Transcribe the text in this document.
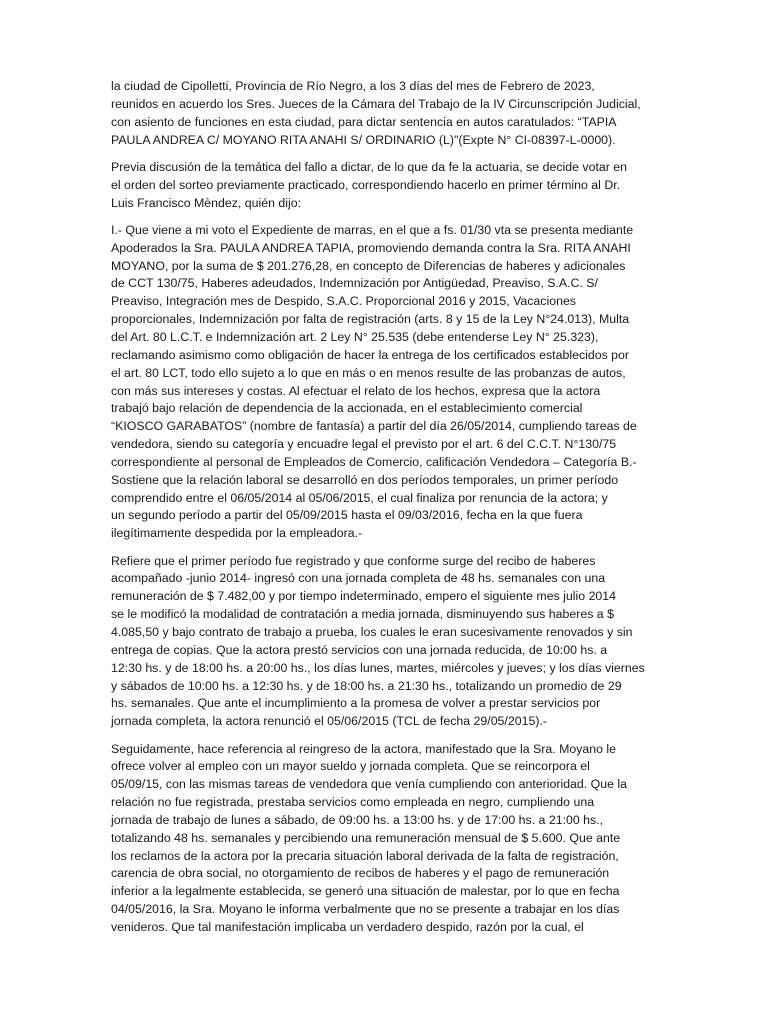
la ciudad de Cipolletti, Provincia de Río Negro, a los 3 días del mes de Febrero de 2023,
reunidos en acuerdo los Sres. Jueces de la Cámara del Trabajo de la IV Circunscripción Judicial,
con asiento de funciones en esta ciudad, para dictar sentencia en autos caratulados: “TAPIA
PAULA ANDREA C/ MOYANO RITA ANAHI S/ ORDINARIO (L)"(Expte N° CI-08397-L-0000).
Previa discusión de la temática del fallo a dictar, de lo que da fe la actuaria, se decide votar en
el orden del sorteo previamente practicado, correspondiendo hacerlo en primer término al Dr.
Luis Francisco Mèndez, quién dijo:
I.- Que viene a mi voto el Expediente de marras, en el que a fs. 01/30 vta se presenta mediante
Apoderados la Sra. PAULA ANDREA TAPIA, promoviendo demanda contra la Sra. RITA ANAHI
MOYANO, por la suma de $ 201.276,28, en concepto de Diferencias de haberes y adicionales
de CCT 130/75, Haberes adeudados, Indemnización por Antigüedad, Preaviso, S.A.C. S/
Preaviso, Integración mes de Despido, S.A.C. Proporcional 2016 y 2015, Vacaciones
proporcionales, Indemnización por falta de registración (arts. 8 y 15 de la Ley N°24.013), Multa
del Art. 80 L.C.T. e Indemnización art. 2 Ley N° 25.535 (debe entenderse Ley N° 25.323),
reclamando asimismo como obligación de hacer la entrega de los certificados establecidos por
el art. 80 LCT, todo ello sujeto a lo que en más o en menos resulte de las probanzas de autos,
con más sus intereses y costas. Al efectuar el relato de los hechos, expresa que la actora
trabajó bajo relación de dependencia de la accionada, en el establecimiento comercial
“KIOSCO GARABATOS” (nombre de fantasía) a partir del día 26/05/2014, cumpliendo tareas de
vendedora, siendo su categoría y encuadre legal el previsto por el art. 6 del C.C.T. N°130/75
correspondiente al personal de Empleados de Comercio, calificación Vendedora – Categoría B.-
Sostiene que la relación laboral se desarrolló en dos períodos temporales, un primer período
comprendido entre el 06/05/2014 al 05/06/2015, el cual finaliza por renuncia de la actora; y
un segundo período a partir del 05/09/2015 hasta el 09/03/2016, fecha en la que fuera
ilegítimamente despedida por la empleadora.-
Refiere que el primer período fue registrado y que conforme surge del recibo de haberes
acompañado -junio 2014- ingresó con una jornada completa de 48 hs. semanales con una
remuneración de $ 7.482,00 y por tiempo indeterminado, empero el siguiente mes julio 2014
se le modificó la modalidad de contratación a media jornada, disminuyendo sus haberes a $
4.085,50 y bajo contrato de trabajo a prueba, los cuales le eran sucesivamente renovados y sin
entrega de copias. Que la actora prestó servicios con una jornada reducida, de 10:00 hs. a
12:30 hs. y de 18:00 hs. a 20:00 hs., los días lunes, martes, miércoles y jueves; y los días viernes
y sábados de 10:00 hs. a 12:30 hs. y de 18:00 hs. a 21:30 hs., totalizando un promedio de 29
hs. semanales. Que ante el incumplimiento a la promesa de volver a prestar servicios por
jornada completa, la actora renunció el 05/06/2015 (TCL de fecha 29/05/2015).-
Seguidamente, hace referencia al reingreso de la actora, manifestado que la Sra. Moyano le
ofrece volver al empleo con un mayor sueldo y jornada completa. Que se reincorpora el
05/09/15, con las mismas tareas de vendedora que venía cumpliendo con anterioridad. Que la
relación no fue registrada, prestaba servicios como empleada en negro, cumpliendo una
jornada de trabajo de lunes a sábado, de 09:00 hs. a 13:00 hs. y de 17:00 hs. a 21:00 hs.,
totalizando 48 hs. semanales y percibiendo una remuneración mensual de $ 5.600. Que ante
los reclamos de la actora por la precaria situación laboral derivada de la falta de registración,
carencia de obra social, no otorgamiento de recibos de haberes y el pago de remuneración
inferior a la legalmente establecida, se generó una situación de malestar, por lo que en fecha
04/05/2016, la Sra. Moyano le informa verbalmente que no se presente a trabajar en los días
venideros. Que tal manifestación implicaba un verdadero despido, razón por la cual, el
